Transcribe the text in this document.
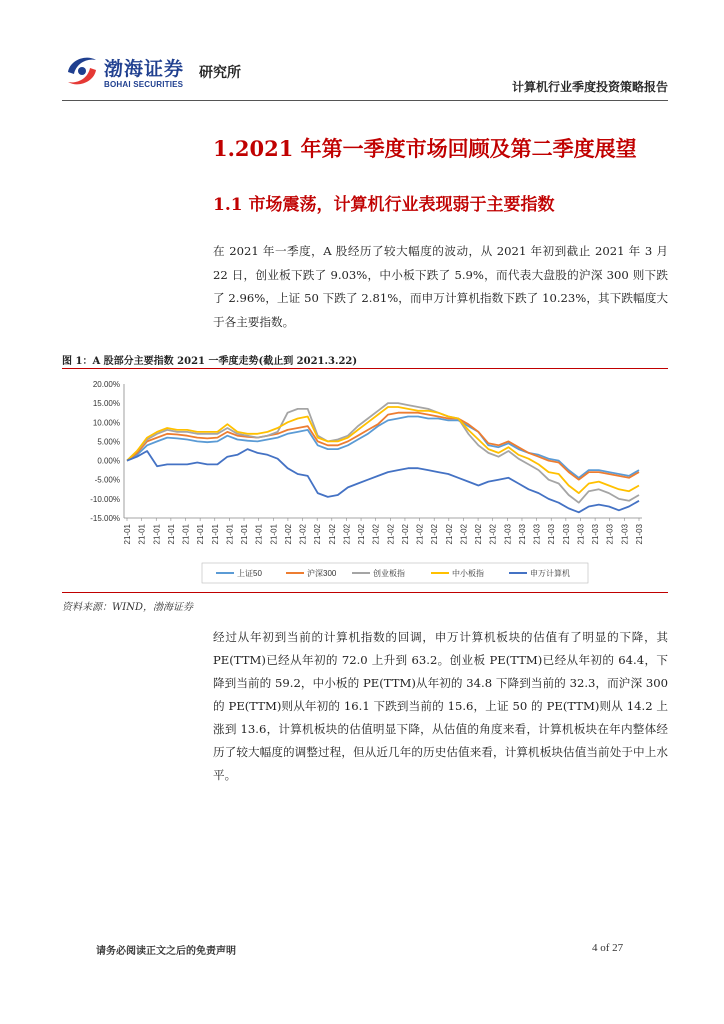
渤海证券
BOHAI SECURITIES
研究所
计算机行业季度投资策略报告
1.2021 年第一季度市场回顾及第二季度展望
1.1 市场震荡，计算机行业表现弱于主要指数
在 2021 年一季度，A 股经历了较大幅度的波动，从 2021 年初到截止 2021 年 3 月 22 日，创业板下跌了 9.03%，中小板下跌了 5.9%，而代表大盘股的沪深 300 则下跌了 2.96%，上证 50 下跌了 2.81%，而申万计算机指数下跌了 10.23%，其下跌幅度大于各主要指数。
图 1：A 股部分主要指数 2021 一季度走势(截止到 2021.3.22)
20.00%
15.00%
10.00%
5.00%
0.00%
-5.00%
-10.00%
-15.00%
21-01 21-01 21-01 21-01 21-01 21-01 21-01 21-01 21-01 21-01 21-01 21-02 21-02 21-02 21-02 21-02 21-02 21-02 21-02 21-02 21-02 21-02 21-02 21-02 21-02 21-02 21-03 21-03 21-03 21-03 21-03 21-03 21-03 21-03 21-03 21-03
上证50	沪深300	创业板指	中小板指	申万计算机
资料来源：WIND，渤海证券
经过从年初到当前的计算机指数的回调，申万计算机板块的估值有了明显的下降，其 PE(TTM)已经从年初的 72.0 上升到 63.2。创业板 PE(TTM)已经从年初的 64.4，下降到当前的 59.2，中小板的 PE(TTM)从年初的 34.8 下降到当前的 32.3，而沪深 300 的 PE(TTM)则从年初的 16.1 下跌到当前的 15.6，上证 50 的 PE(TTM)则从 14.2 上涨到 13.6，计算机板块的估值明显下降，从估值的角度来看，计算机板块在年内整体经历了较大幅度的调整过程，但从近几年的历史估值来看，计算机板块估值当前处于中上水平。
请务必阅读正文之后的免责声明	4 of 27
